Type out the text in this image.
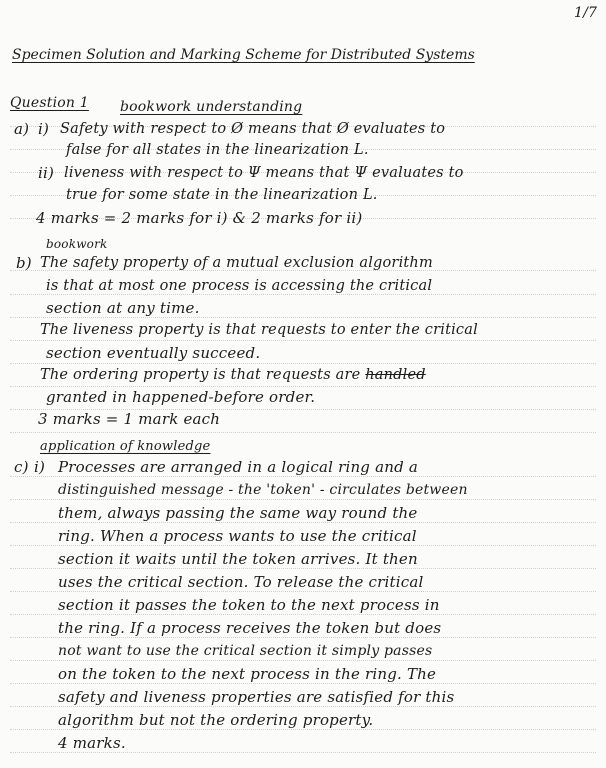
1/7
Specimen Solution and Marking Scheme for Distributed Systems
Question 1 bookwork understanding
a) i) Safety with respect to Ø means that Ø evaluates to
false for all states in the linearization L.
ii) liveness with respect to Ψ means that Ψ evaluates to
true for some state in the linearization L.
4 marks = 2 marks for i) & 2 marks for ii)
bookwork
b) The safety property of a mutual exclusion algorithm
is that at most one process is accessing the critical
section at any time.
The liveness property is that requests to enter the critical
section eventually succeed.
The ordering property is that requests are handled
granted in happened-before order.
3 marks = 1 mark each
application of knowledge
c) i) Processes are arranged in a logical ring and a
distinguished message - the 'token' - circulates between
them, always passing the same way round the
ring. When a process wants to use the critical
section it waits until the token arrives. It then
uses the critical section. To release the critical
section it passes the token to the next process in
the ring. If a process receives the token but does
not want to use the critical section it simply passes
on the token to the next process in the ring. The
safety and liveness properties are satisfied for this
algorithm but not the ordering property.
4 marks.
